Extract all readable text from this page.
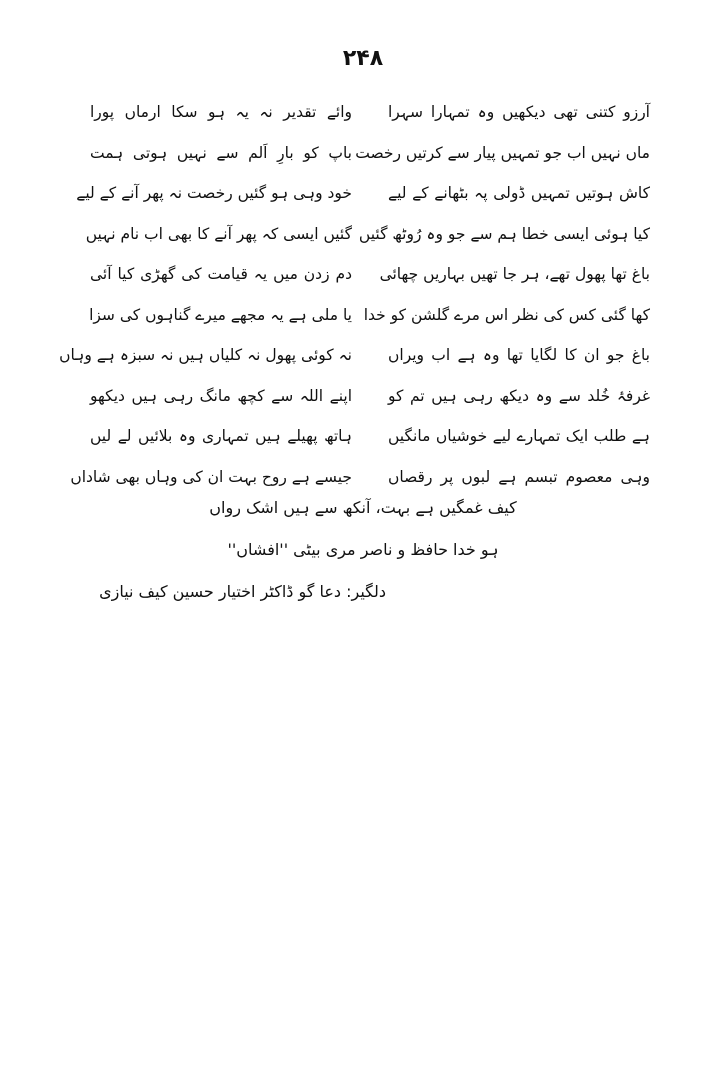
۲۴۸
آرزو کتنی تھی دیکھیں وہ تمہارا سہرا
وائے تقدیر نہ یہ ہو سکا ارماں پورا
ماں نہیں اب جو تمہیں پیار سے کرتیں رخصت
باپ کو بارِ اَلم سے نہیں ہوتی ہمت
کاش ہوتیں تمہیں ڈولی پہ بٹھانے کے لیے
خود وہی ہو گئیں رخصت نہ پھر آنے کے لیے
کیا ہوئی ایسی خطا ہم سے جو وہ رُوٹھ گئیں
گئیں ایسی کہ پھر آنے کا بھی اب نام نہیں
باغ تھا پھول تھے، ہر جا تھیں بہاریں چھائی
دم زدن میں یہ قیامت کی گھڑی کیا آئی
کھا گئی کس کی نظر اس مرے گلشن کو خدا
یا ملی ہے یہ مجھے میرے گناہوں کی سزا
باغ جو ان کا لگایا تھا وہ ہے اب ویراں
نہ کوئی پھول نہ کلیاں ہیں نہ سبزہ ہے وہاں
غرفۂ خُلد سے وہ دیکھ رہی ہیں تم کو
اپنے اللہ سے کچھ مانگ رہی ہیں دیکھو
ہے طلب ایک تمہارے لیے خوشیاں مانگیں
ہاتھ پھیلے ہیں تمہاری وہ بلائیں لے لیں
وہی معصوم تبسم ہے لبوں پر رقصاں
جیسے ہے روح بہت ان کی وہاں بھی شاداں
کیف غمگیں ہے بہت، آنکھ سے ہیں اشک رواں
ہو خدا حافظ و ناصر مری بیٹی ''افشاں''
دلگیر: دعا گو ڈاکٹر اختیار حسین کیف نیازی
